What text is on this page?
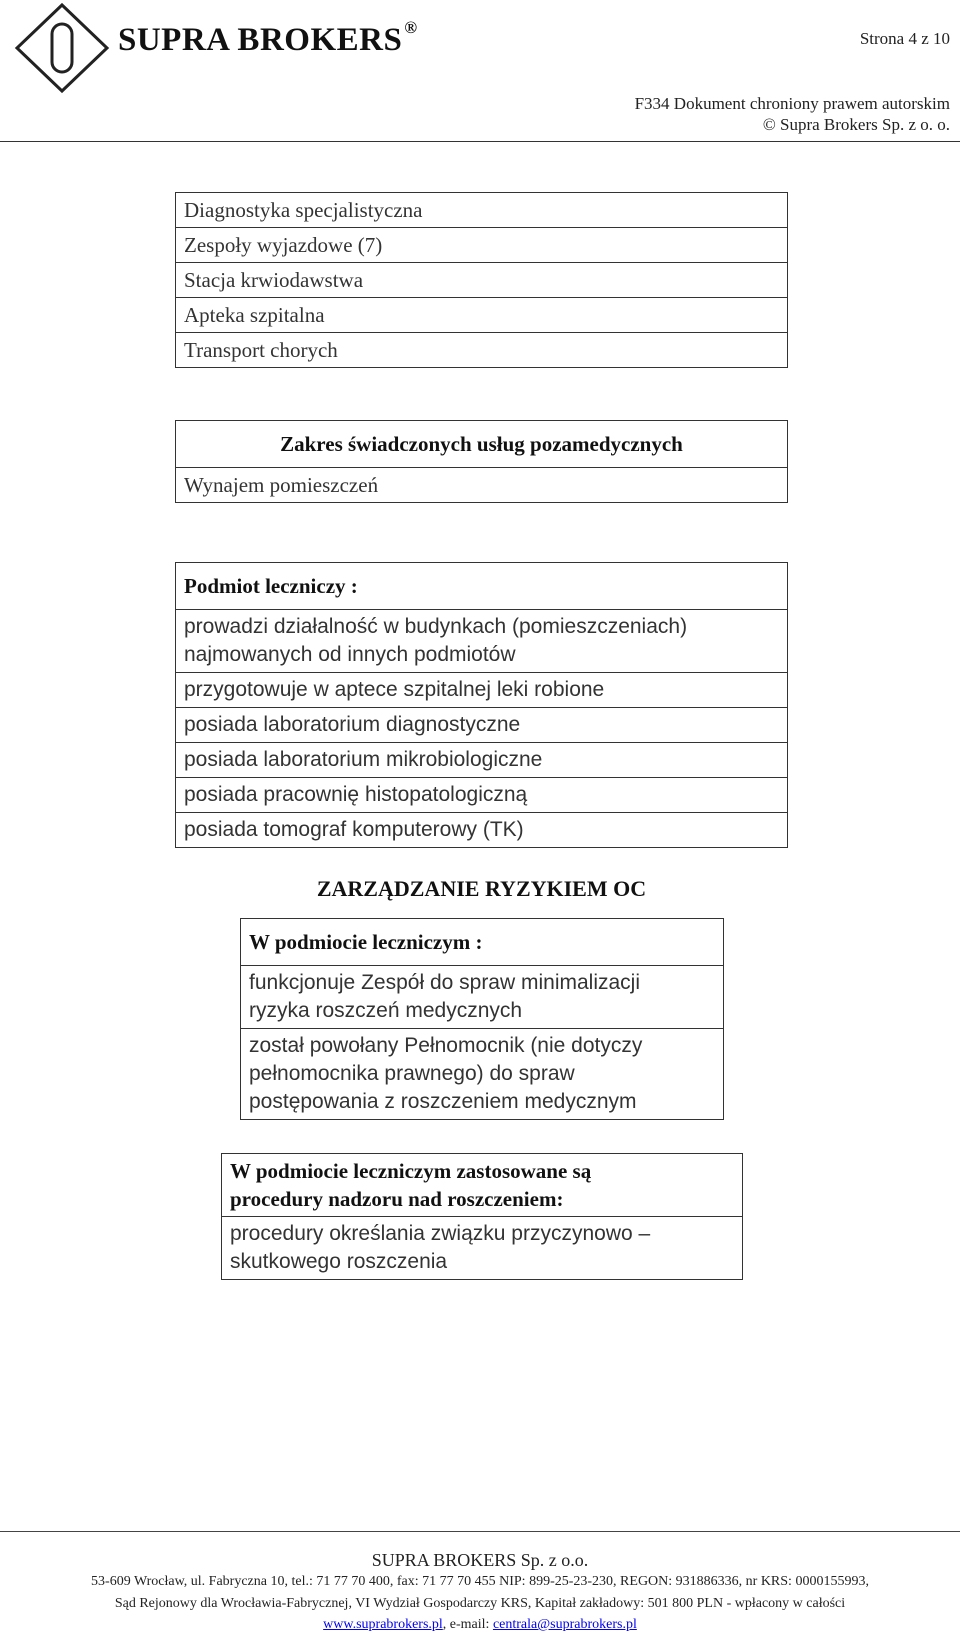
SUPRA BROKERS ®
Strona 4 z 10
F334 Dokument chroniony prawem autorskim
© Supra Brokers Sp. z o. o.
Diagnostyka specjalistyczna
Zespoły wyjazdowe (7)
Stacja krwiodawstwa
Apteka szpitalna
Transport chorych
Zakres świadczonych usług pozamedycznych
Wynajem pomieszczeń
Podmiot leczniczy :
prowadzi działalność w budynkach (pomieszczeniach)
najmowanych od innych podmiotów
przygotowuje w aptece szpitalnej leki robione
posiada laboratorium diagnostyczne
posiada laboratorium mikrobiologiczne
posiada pracownię histopatologiczną
posiada tomograf komputerowy (TK)
ZARZĄDZANIE RYZYKIEM OC
W podmiocie leczniczym :
funkcjonuje Zespół do spraw minimalizacji
ryzyka roszczeń medycznych
został powołany Pełnomocnik (nie dotyczy
pełnomocnika prawnego) do spraw
postępowania z roszczeniem medycznym
W podmiocie leczniczym zastosowane są
procedury nadzoru nad roszczeniem:
procedury określania związku przyczynowo –
skutkowego roszczenia
SUPRA BROKERS Sp. z o.o.
53-609 Wrocław, ul. Fabryczna 10, tel.: 71 77 70 400, fax: 71 77 70 455 NIP: 899-25-23-230, REGON: 931886336, nr KRS: 0000155993,
Sąd Rejonowy dla Wrocławia-Fabrycznej, VI Wydział Gospodarczy KRS, Kapitał zakładowy: 501 800 PLN - wpłacony w całości
www.suprabrokers.pl, e-mail: centrala@suprabrokers.pl
